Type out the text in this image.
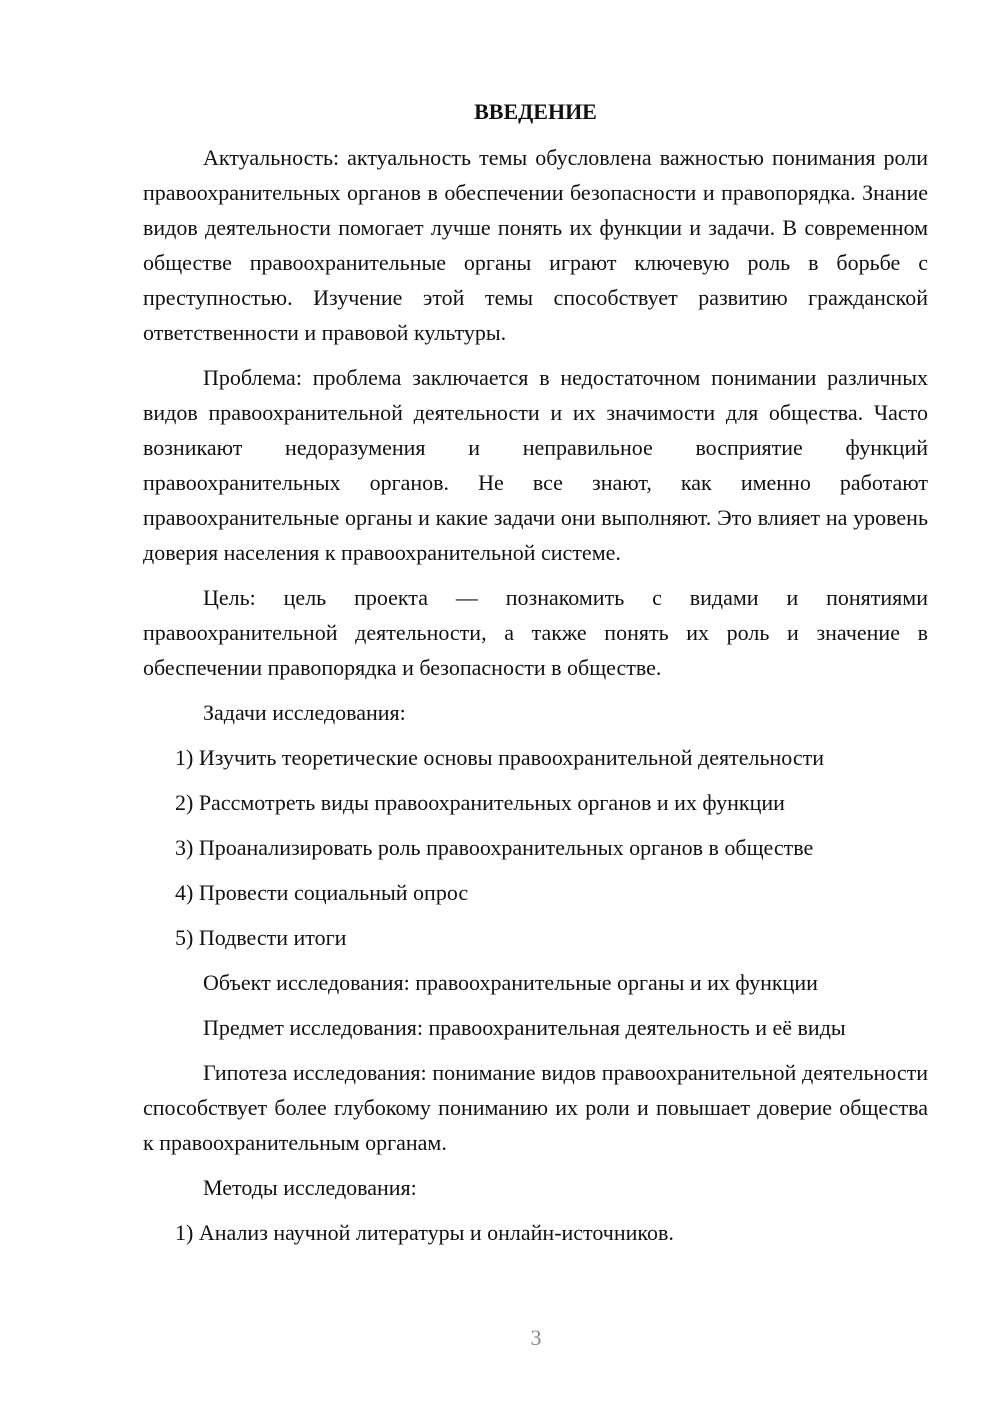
ВВЕДЕНИЕ

Актуальность: актуальность темы обусловлена важностью понимания роли правоохранительных органов в обеспечении безопасности и правопорядка. Знание видов деятельности помогает лучше понять их функции и задачи. В современном обществе правоохранительные органы играют ключевую роль в борьбе с преступностью. Изучение этой темы способствует развитию гражданской ответственности и правовой культуры.

Проблема: проблема заключается в недостаточном понимании различных видов правоохранительной деятельности и их значимости для общества. Часто возникают недоразумения и неправильное восприятие функций правоохранительных органов. Не все знают, как именно работают правоохранительные органы и какие задачи они выполняют. Это влияет на уровень доверия населения к правоохранительной системе.

Цель: цель проекта — познакомить с видами и понятиями правоохранительной деятельности, а также понять их роль и значение в обеспечении правопорядка и безопасности в обществе.

Задачи исследования:

1) Изучить теоретические основы правоохранительной деятельности

2) Рассмотреть виды правоохранительных органов и их функции

3) Проанализировать роль правоохранительных органов в обществе

4) Провести социальный опрос

5) Подвести итоги

Объект исследования: правоохранительные органы и их функции

Предмет исследования: правоохранительная деятельность и её виды

Гипотеза исследования: понимание видов правоохранительной деятельности способствует более глубокому пониманию их роли и повышает доверие общества к правоохранительным органам.

Методы исследования:

1) Анализ научной литературы и онлайн-источников.

3
